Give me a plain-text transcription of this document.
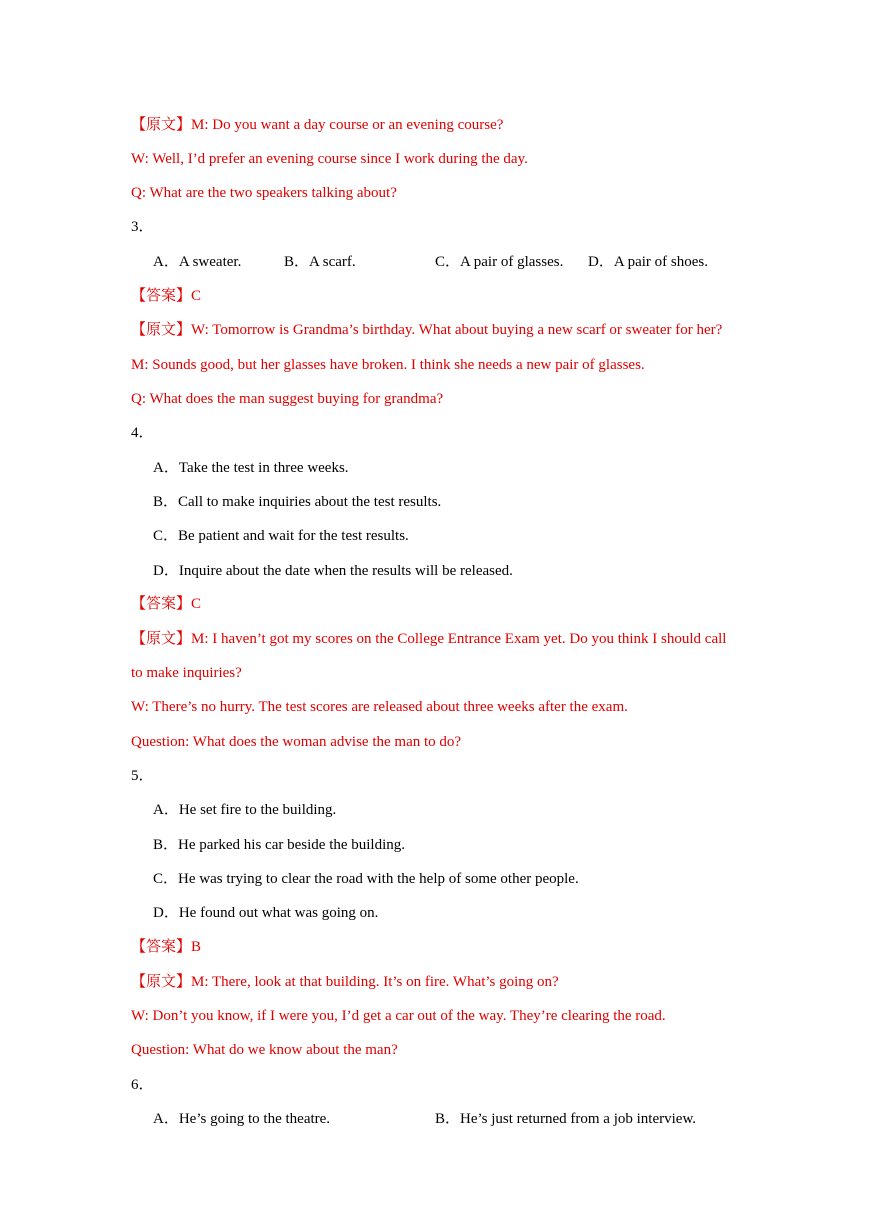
【原文】M: Do you want a day course or an evening course?
W: Well, I’d prefer an evening course since I work during the day.
Q: What are the two speakers talking about?
3．
A．A sweater.	B．A scarf.	C．A pair of glasses. D．A pair of shoes.
【答案】C
【原文】W: Tomorrow is Grandma’s birthday. What about buying a new scarf or sweater for her?
M: Sounds good, but her glasses have broken. I think she needs a new pair of glasses.
Q: What does the man suggest buying for grandma?
4．
A．Take the test in three weeks.
B．Call to make inquiries about the test results.
C．Be patient and wait for the test results.
D．Inquire about the date when the results will be released.
【答案】C
【原文】M: I haven’t got my scores on the College Entrance Exam yet. Do you think I should call
to make inquiries?
W: There’s no hurry. The test scores are released about three weeks after the exam.
Question: What does the woman advise the man to do?
5．
A．He set fire to the building.
B．He parked his car beside the building.
C．He was trying to clear the road with the help of some other people.
D．He found out what was going on.
【答案】B
【原文】M: There, look at that building. It’s on fire. What’s going on?
W: Don’t you know, if I were you, I’d get a car out of the way. They’re clearing the road.
Question: What do we know about the man?
6．
A．He’s going to the theatre.	B．He’s just returned from a job interview.
